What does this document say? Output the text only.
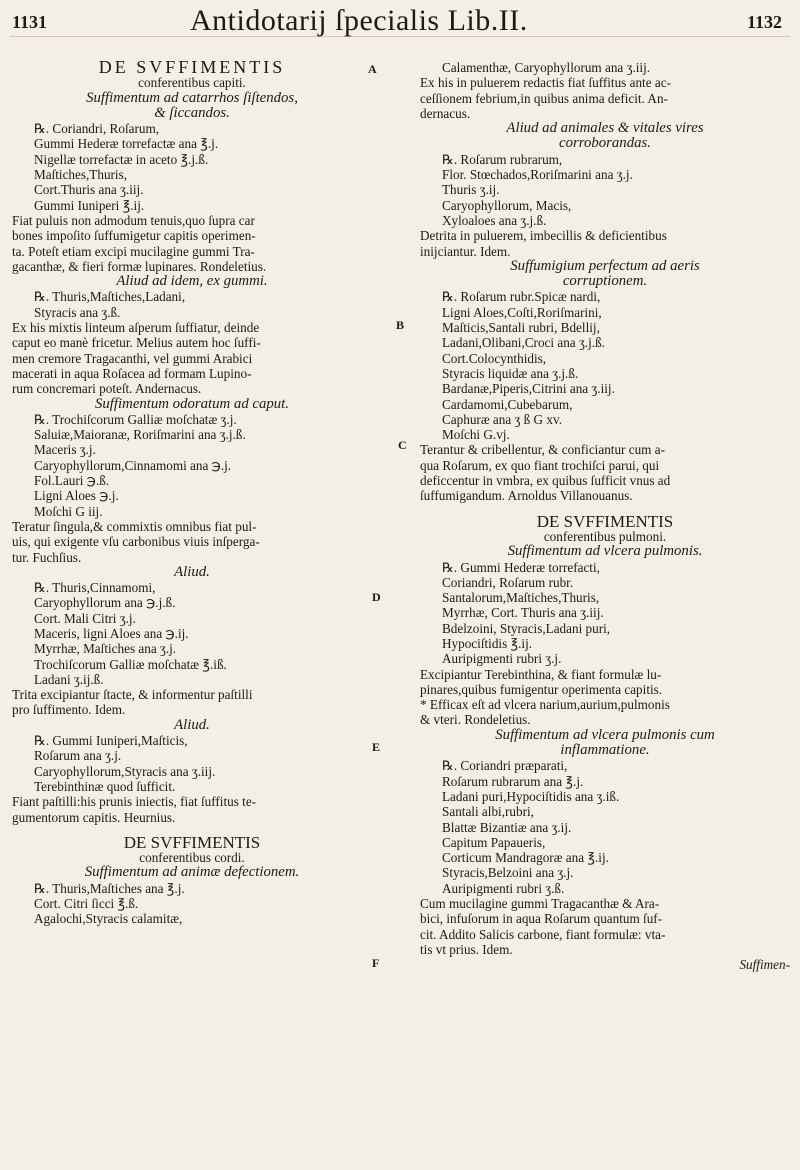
1131	Antidotarij ſpecialis Lib.II.	1132
A
B
C
D
E
F
DE SVFFIMENTIS
conferentibus capiti.
Suffimentum ad catarrhos ſiſtendos,
& ſiccandos.
℞. Coriandri, Roſarum,
Gummi Hederæ torrefactæ ana ℥.j.
Nigellæ torrefactæ in aceto ℥.j.ß.
Maſtiches,Thuris,
Cort.Thuris ana ʒ.iij.
Gummi Iuniperi ℥.ij.
Fiat puluis non admodum tenuis,quo ſupra car
bones impoſito ſuffumigetur capitis operimen-
ta. Poteſt etiam excipi mucilagine gummi Tra-
gacanthæ, & fieri formæ lupinares. Rondeletius.
Aliud ad idem, ex gummi.
℞. Thuris,Maſtiches,Ladani,
Styracis ana ʒ.ß.
Ex his mixtis linteum aſperum ſuffiatur, deinde
caput eo manè fricetur. Melius autem hoc ſuffi-
men cremore Tragacanthi, vel gummi Arabici
macerati in aqua Roſacea ad formam Lupino-
rum concremari poteſt. Andernacus.
Suffimentum odoratum ad caput.
℞. Trochiſcorum Galliæ moſchatæ ʒ.j.
Saluiæ,Maioranæ, Roriſmarini ana ʒ.j.ß.
Maceris ʒ.j.
Caryophyllorum,Cinnamomi ana ℈.j.
Fol.Lauri ℈.ß.
Ligni Aloes ℈.j.
Moſchi G iij.
Teratur ſingula,& commixtis omnibus fiat pul-
uis, qui exigente vſu carbonibus viuis inſperga-
tur. Fuchſius.
Aliud.
℞. Thuris,Cinnamomi,
Caryophyllorum ana ℈.j.ß.
Cort. Mali Citri ʒ.j.
Maceris, ligni Aloes ana ℈.ij.
Myrrhæ, Maſtiches ana ʒ.j.
Trochiſcorum Galliæ moſchatæ ℥.iß.
Ladani ʒ.ij.ß.
Trita excipiantur ſtacte, & informentur paſtilli
pro ſuffimento. Idem.
Aliud.
℞. Gummi Iuniperi,Maſticis,
Roſarum ana ʒ.j.
Caryophyllorum,Styracis ana ʒ.iij.
Terebinthinæ quod ſufficit.
Fiant paſtilli:his prunis iniectis, fiat ſuffitus te-
gumentorum capitis. Heurnius.
DE SVFFIMENTIS
conferentibus cordi.
Suffimentum ad animæ defectionem.
℞. Thuris,Maſtiches ana ℥.j.
Cort. Citri ſicci ℥.ß.
Agalochi,Styracis calamitæ,
Calamenthæ, Caryophyllorum ana ʒ.iij.
Ex his in puluerem redactis fiat ſuffitus ante ac-
ceſſionem febrium,in quibus anima deficit. An-
dernacus.
Aliud ad animales & vitales vires
corroborandas.
℞. Roſarum rubrarum,
Flor. Stœchados,Roriſmarini ana ʒ.j.
Thuris ʒ.ij.
Caryophyllorum, Macis,
Xyloaloes ana ʒ.j.ß.
Detrita in puluerem, imbecillis & deficientibus
inijciantur. Idem.
Suffumigium perfectum ad aeris
corruptionem.
℞. Roſarum rubr.Spicæ nardi,
Ligni Aloes,Coſti,Roriſmarini,
Maſticis,Santali rubri, Bdellij,
Ladani,Olibani,Croci ana ʒ.j.ß.
Cort.Colocynthidis,
Styracis liquidæ ana ʒ.j.ß.
Bardanæ,Piperis,Citrini ana ʒ.iij.
Cardamomi,Cubebarum,
Caphuræ ana ʒ ß G xv.
Moſchi G.vj.
Terantur & cribellentur, & conficiantur cum a-
qua Roſarum, ex quo fiant trochiſci parui, qui
deficcentur in vmbra, ex quibus ſufficit vnus ad
ſuffumigandum. Arnoldus Villanouanus.
DE SVFFIMENTIS
conferentibus pulmoni.
Suffimentum ad vlcera pulmonis.
℞. Gummi Hederæ torrefacti,
Coriandri, Roſarum rubr.
Santalorum,Maſtiches,Thuris,
Myrrhæ, Cort. Thuris ana ʒ.iij.
Bdelzoini, Styracis,Ladani puri,
Hypociſtidis ℥.ij.
Auripigmenti rubri ʒ.j.
Excipiantur Terebinthina, & fiant formulæ lu-
pinares,quibus fumigentur operimenta capitis.
* Efficax eſt ad vlcera narium,aurium,pulmonis
& vteri. Rondeletius.
Suffimentum ad vlcera pulmonis cum
inflammatione.
℞. Coriandri præparati,
Roſarum rubrarum ana ℥.j.
Ladani puri,Hypociſtidis ana ʒ.iß.
Santali albi,rubri,
Blattæ Bizantiæ ana ʒ.ij.
Capitum Papaueris,
Corticum Mandragoræ ana ℥.ij.
Styracis,Belzoini ana ʒ.j.
Auripigmenti rubri ʒ.ß.
Cum mucilagine gummi Tragacanthæ & Ara-
bici, infuſorum in aqua Roſarum quantum ſuf-
cit. Addito Salicis carbone, fiant formulæ: vta-
tis vt prius. Idem.
Suffimen-
